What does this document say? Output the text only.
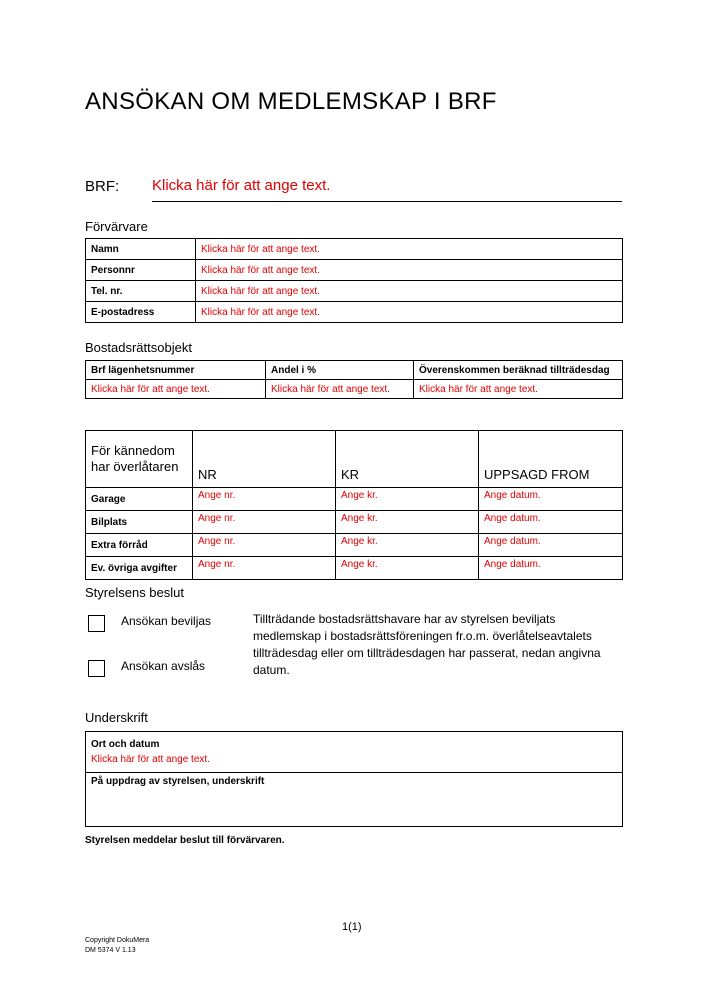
ANSÖKAN OM MEDLEMSKAP I BRF
BRF: Klicka här för att ange text.
Förvärvare
Namn	Klicka här för att ange text.
Personnr	Klicka här för att ange text.
Tel. nr.	Klicka här för att ange text.
E-postadress	Klicka här för att ange text.
Bostadsrättsobjekt
Brf lägenhetsnummer	Andel i %	Överenskommen beräknad tillträdesdag
Klicka här för att ange text.	Klicka här för att ange text.	Klicka här för att ange text.
För kännedom har överlåtaren	NR	KR	UPPSAGD FROM
Garage	Ange nr.	Ange kr.	Ange datum.
Bilplats	Ange nr.	Ange kr.	Ange datum.
Extra förråd	Ange nr.	Ange kr.	Ange datum.
Ev. övriga avgifter	Ange nr.	Ange kr.	Ange datum.
Styrelsens beslut
Ansökan beviljas
Ansökan avslås
Tillträdande bostadsrättshavare har av styrelsen beviljats medlemskap i bostadsrättsföreningen fr.o.m. överlåtelseavtalets tillträdesdag eller om tillträdesdagen har passerat, nedan angivna datum.
Underskrift
Ort och datum
Klicka här för att ange text.

På uppdrag av styrelsen, underskrift
Styrelsen meddelar beslut till förvärvaren.
1(1)
Copyright DokuMera
DM 5374 V 1.13
